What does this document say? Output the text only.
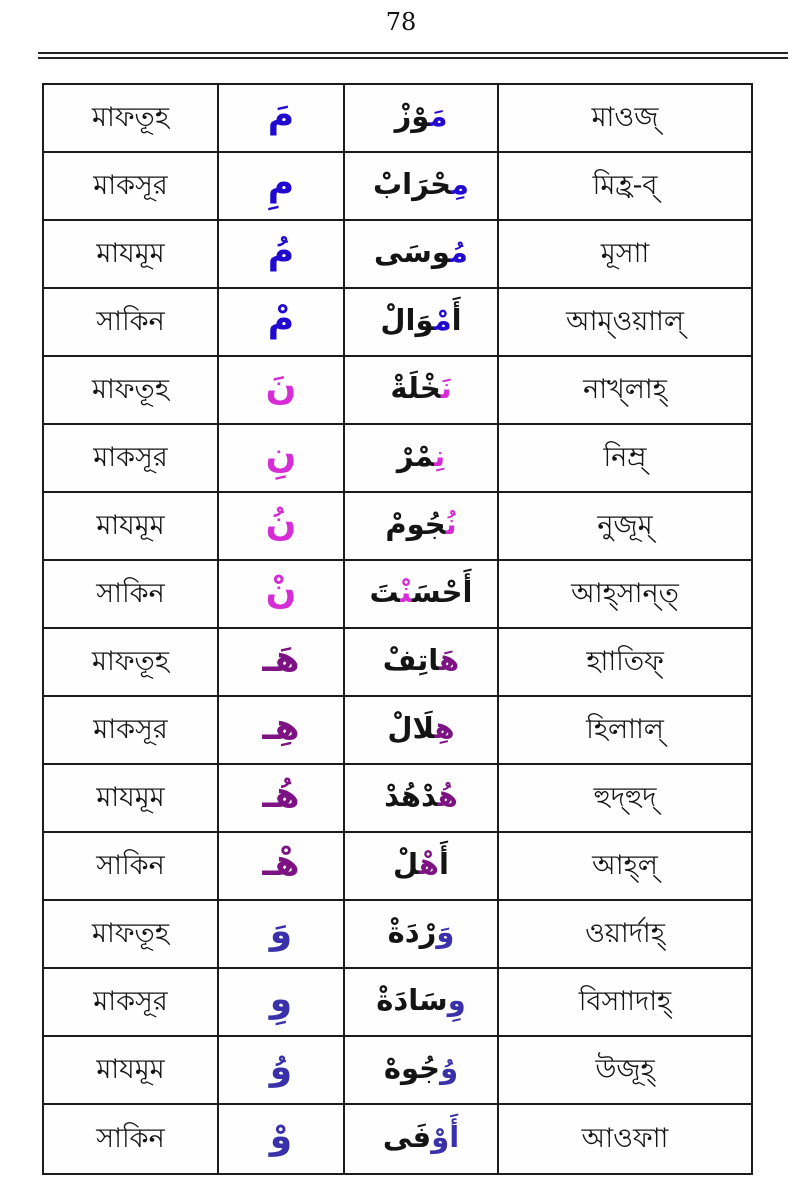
78
মাফতূহ	مَ	مَ‍‍وْزْ	মাওজ্
মাকসূর	مِ	مِ‍‍حْرَابْ	মিহ্র-ব্
মাযমূম	مُ	مُ‍‍وسَى	মূসাা
সাকিন	مْ	أَمْ‍‍وَالْ	আম্ওয়াাল্
মাফতূহ	نَ	نَ‍‍خْلَةْ	নাখ্লাহ্
মাকসূর	نِ	نِ‍‍مْرْ	নিম্র্
মাযমূম	نُ	نُ‍‍جُومْ	নুজূম্
সাকিন	نْ	أَحْسَ‍‍نْ‍‍تَ	আহ্সান্ত্
মাফতূহ	هَـ	هَ‍‍اتِفْ	হাাতিফ্
মাকসূর	هِـ	هِ‍‍لَالْ	হিলাাল্
মাযমূম	هُـ	هُ‍‍دْهُدْ	হুদ্হুদ্
সাকিন	هْـ	أَهْ‍‍لْ	আহ্ল্
মাফতূহ	وَ	وَرْدَةْ	ওয়ার্দাহ্
মাকসূর	وِ	وِسَادَةْ	বিসাাদাহ্
মাযমূম	وُ	وُجُوهْ	উজূহ্
সাকিন	وْ	أَوْفَى	আওফাা
